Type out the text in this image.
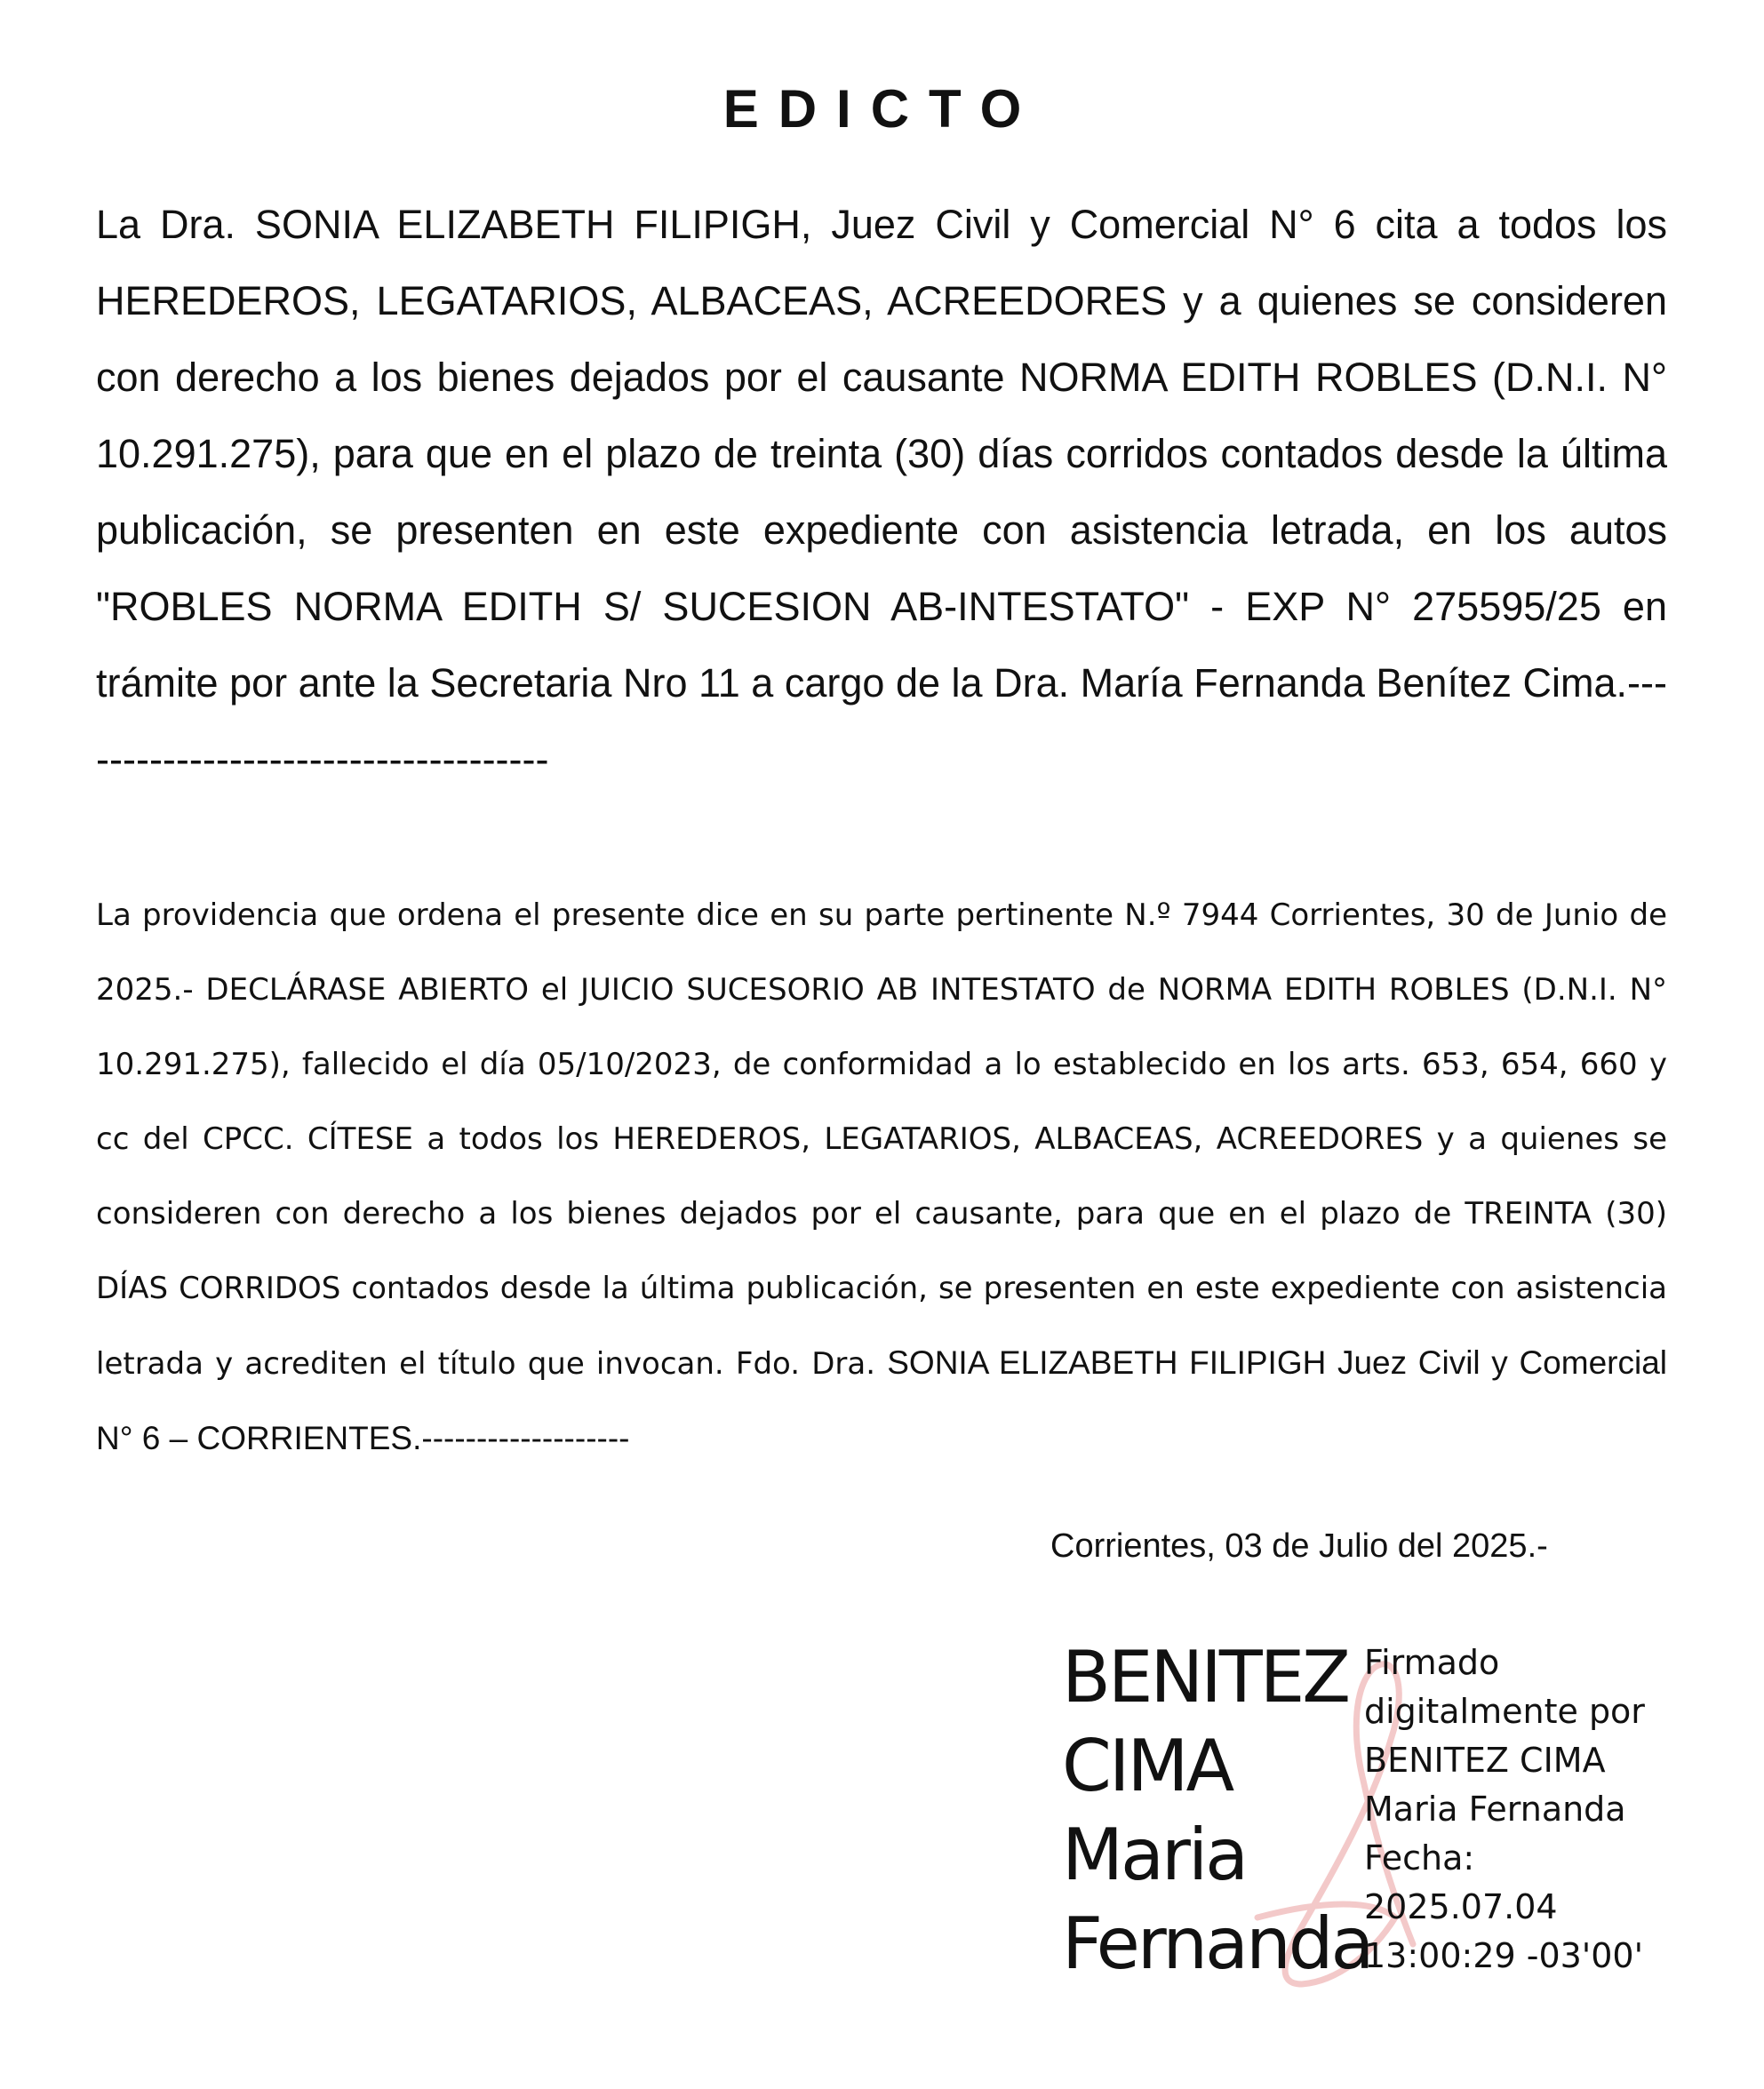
EDICTO

La Dra. SONIA ELIZABETH FILIPIGH, Juez Civil y Comercial N° 6 cita a todos los HEREDEROS, LEGATARIOS, ALBACEAS, ACREEDORES y a quienes se consideren con derecho a los bienes dejados por el causante NORMA EDITH ROBLES (D.N.I. N° 10.291.275), para que en el plazo de treinta (30) días corridos contados desde la última publicación, se presenten en este expediente con asistencia letrada, en los autos "ROBLES NORMA EDITH S/ SUCESION AB-INTESTATO" - EXP N° 275595/25 en trámite por ante la Secretaria Nro 11 a cargo de la Dra. María Fernanda Benítez Cima.-------------------------------------

La providencia que ordena el presente dice en su parte pertinente N.º 7944 Corrientes, 30 de Junio de 2025.- DECLÁRASE ABIERTO el JUICIO SUCESORIO AB INTESTATO de NORMA EDITH ROBLES (D.N.I. N° 10.291.275), fallecido el día 05/10/2023, de conformidad a lo establecido en los arts. 653, 654, 660 y cc del CPCC. CÍTESE a todos los HEREDEROS, LEGATARIOS, ALBACEAS, ACREEDORES y a quienes se consideren con derecho a los bienes dejados por el causante, para que en el plazo de TREINTA (30) DÍAS CORRIDOS contados desde la última publicación, se presenten en este expediente con asistencia letrada y acrediten el título que invocan. Fdo. Dra. SONIA ELIZABETH FILIPIGH Juez Civil y Comercial N° 6 – CORRIENTES.-------------------

Corrientes, 03 de Julio del 2025.-
BENITEZ
CIMA
Maria
Fernanda
Firmado
digitalmente por
BENITEZ CIMA
Maria Fernanda
Fecha:
2025.07.04
13:00:29 -03'00'
